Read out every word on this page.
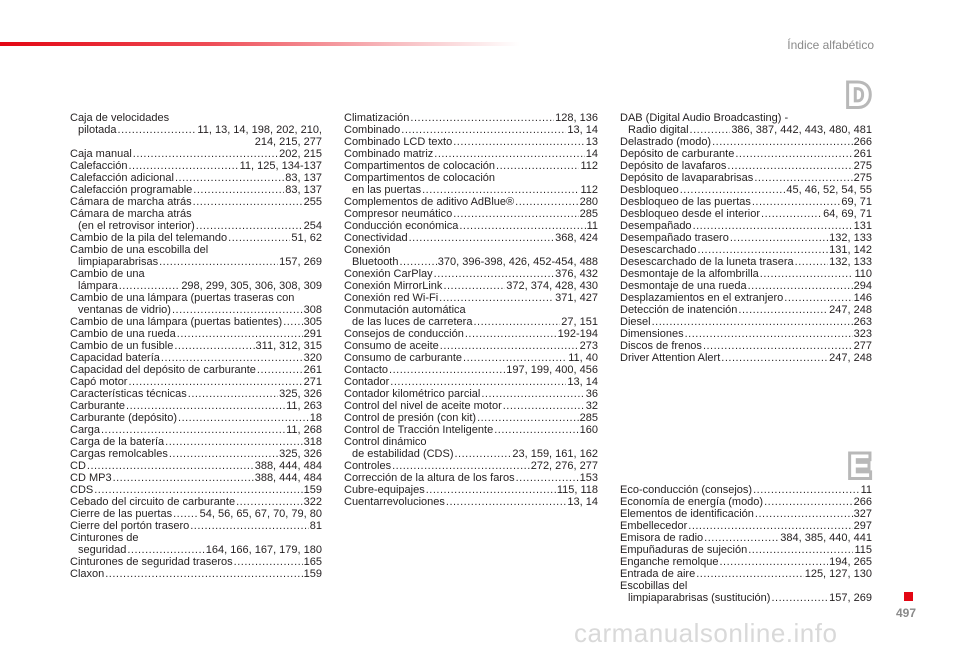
Índice alfabético
D
E
Caja de velocidades
pilotada .....	11, 13, 14, 198, 202, 210,
214, 215, 277
Caja manual .....	202, 215
Calefacción .....	11, 125, 134-137
Calefacción adicional .....	83, 137
Calefacción programable .....	83, 137
Cámara de marcha atrás .....	255
Cámara de marcha atrás
(en el retrovisor interior) .....	254
Cambio de la pila del telemando .....	51, 62
Cambio de una escobilla del
limpiaparabrisas .....	157, 269
Cambio de una
lámpara .....	298, 299, 305, 306, 308, 309
Cambio de una lámpara (puertas traseras con
ventanas de vidrio) .....	308
Cambio de una lámpara (puertas batientes) ..... 305
Cambio de una rueda .....	291
Cambio de un fusible .....	311, 312, 315
Capacidad batería .....	320
Capacidad del depósito de carburante .....	261
Capó motor .....	271
Características técnicas .....	325, 326
Carburante .....	11, 263
Carburante (depósito) .....	18
Carga .....	11, 268
Carga de la batería .....	318
Cargas remolcables .....	325, 326
CD .....	388, 444, 484
CD MP3 .....	388, 444, 484
CDS .....	159
Cebado del circuito de carburante .....	322
Cierre de las puertas .....	54, 56, 65, 67, 70, 79, 80
Cierre del portón trasero .....	81
Cinturones de
seguridad .....	164, 166, 167, 179, 180
Cinturones de seguridad traseros .....	165
Claxon .....	159
Climatización .....	128, 136
Combinado .....	13, 14
Combinado LCD texto .....	13
Combinado matriz .....	14
Compartimentos de colocación .....	112
Compartimentos de colocación
en las puertas .....	112
Complementos de aditivo AdBlue® .....	280
Compresor neumático .....	285
Conducción económica .....	11
Conectividad .....	368, 424
Conexión
Bluetooth .....	370, 396-398, 426, 452-454, 488
Conexión CarPlay .....	376, 432
Conexión MirrorLink .....	372, 374, 428, 430
Conexión red Wi-Fi .....	371, 427
Conmutación automática
de las luces de carretera .....	27, 151
Consejos de conducción .....	192-194
Consumo de aceite .....	273
Consumo de carburante .....	11, 40
Contacto .....	197, 199, 400, 456
Contador .....	13, 14
Contador kilométrico parcial .....	36
Control del nivel de aceite motor .....	32
Control de presión (con kit) .....	285
Control de Tracción Inteligente .....	160
Control dinámico
de estabilidad (CDS) .....	23, 159, 161, 162
Controles .....	272, 276, 277
Corrección de la altura de los faros .....	153
Cubre-equipajes .....	115, 118
Cuentarrevoluciones .....	13, 14
DAB (Digital Audio Broadcasting) -
Radio digital .....	386, 387, 442, 443, 480, 481
Delastrado (modo) .....	266
Depósito de carburante .....	261
Depósito de lavafaros .....	275
Depósito de lavaparabrisas .....	275
Desbloqueo .....	45, 46, 52, 54, 55
Desbloqueo de las puertas .....	69, 71
Desbloqueo desde el interior .....	64, 69, 71
Desempañado .....	131
Desempañado trasero .....	132, 133
Desescarchado .....	131, 142
Desescarchado de la luneta trasera .....	132, 133
Desmontaje de la alfombrilla .....	110
Desmontaje de una rueda .....	294
Desplazamientos en el extranjero .....	146
Detección de inatención .....	247, 248
Diesel .....	263
Dimensiones .....	323
Discos de frenos .....	277
Driver Attention Alert .....	247, 248
Eco-conducción (consejos) .....	11
Economía de energía (modo) .....	266
Elementos de identificación .....	327
Embellecedor .....	297
Emisora de radio .....	384, 385, 440, 441
Empuñaduras de sujeción .....	115
Enganche remolque .....	194, 265
Entrada de aire .....	125, 127, 130
Escobillas del
limpiaparabrisas (sustitución) .....	157, 269
497
carmanualsonline.info
